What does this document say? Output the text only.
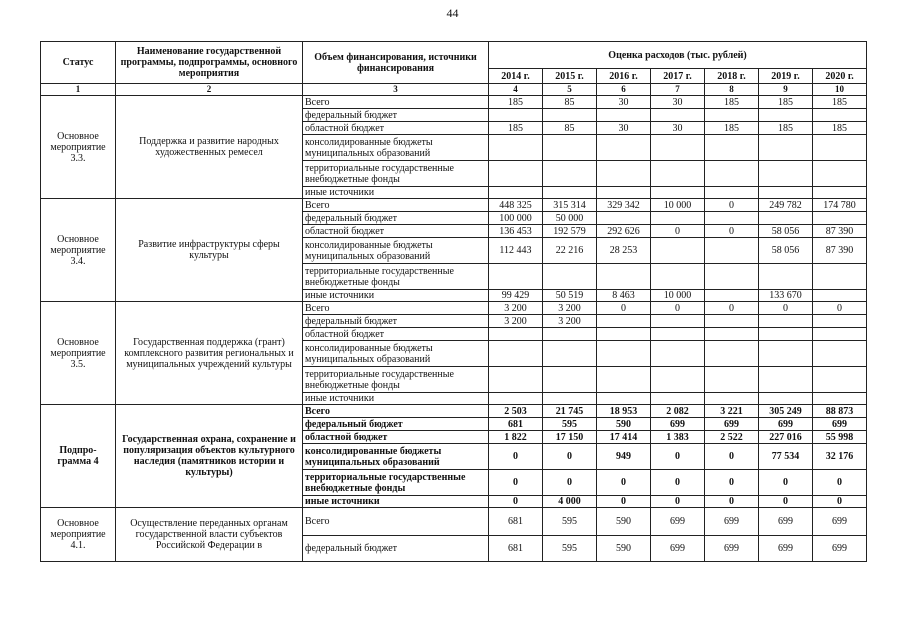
44
Статус	Наименование государственной программы, подпрограммы, основного мероприятия	Объем финансирования, источники финансирования	Оценка расходов (тыс. рублей)						
			2014 г.	2015 г.	2016 г.	2017 г.	2018 г.	2019 г.	2020 г.
1	2	3	4	5	6	7	8	9	10
Основное мероприятие 3.3.	Поддержка и развитие народных художественных ремесел	Всего	185	85	30	30	185	185	185
		федеральный бюджет							
		областной бюджет	185	85	30	30	185	185	185
		консолидированные бюджеты муниципальных образований							
		территориальные государственные внебюджетные фонды							
		иные источники							
Основное мероприятие 3.4.	Развитие инфраструктуры сферы культуры	Всего	448 325	315 314	329 342	10 000	0	249 782	174 780
		федеральный бюджет	100 000	50 000					
		областной бюджет	136 453	192 579	292 626	0	0	58 056	87 390
		консолидированные бюджеты муниципальных образований	112 443	22 216	28 253			58 056	87 390
		территориальные государственные внебюджетные фонды							
		иные источники	99 429	50 519	8 463	10 000		133 670	
Основное мероприятие 3.5.	Государственная поддержка (грант) комплексного развития региональных и муниципальных учреждений культуры	Всего	3 200	3 200	0	0	0	0	0
		федеральный бюджет	3 200	3 200					
		областной бюджет							
		консолидированные бюджеты муниципальных образований							
		территориальные государственные внебюджетные фонды							
		иные источники							
Подпро-грамма 4	Государственная охрана, сохранение и популяризация объектов культурного наследия (памятников истории и культуры)	Всего	2 503	21 745	18 953	2 082	3 221	305 249	88 873
		федеральный бюджет	681	595	590	699	699	699	699
		областной бюджет	1 822	17 150	17 414	1 383	2 522	227 016	55 998
		консолидированные бюджеты муниципальных образований	0	0	949	0	0	77 534	32 176
		территориальные государственные внебюджетные фонды	0	0	0	0	0	0	0
		иные источники	0	4 000	0	0	0	0	0
Основное мероприятие 4.1.	Осуществление переданных органам государственной власти субъектов Российской Федерации в	Всего	681	595	590	699	699	699	699
		федеральный бюджет	681	595	590	699	699	699	699
